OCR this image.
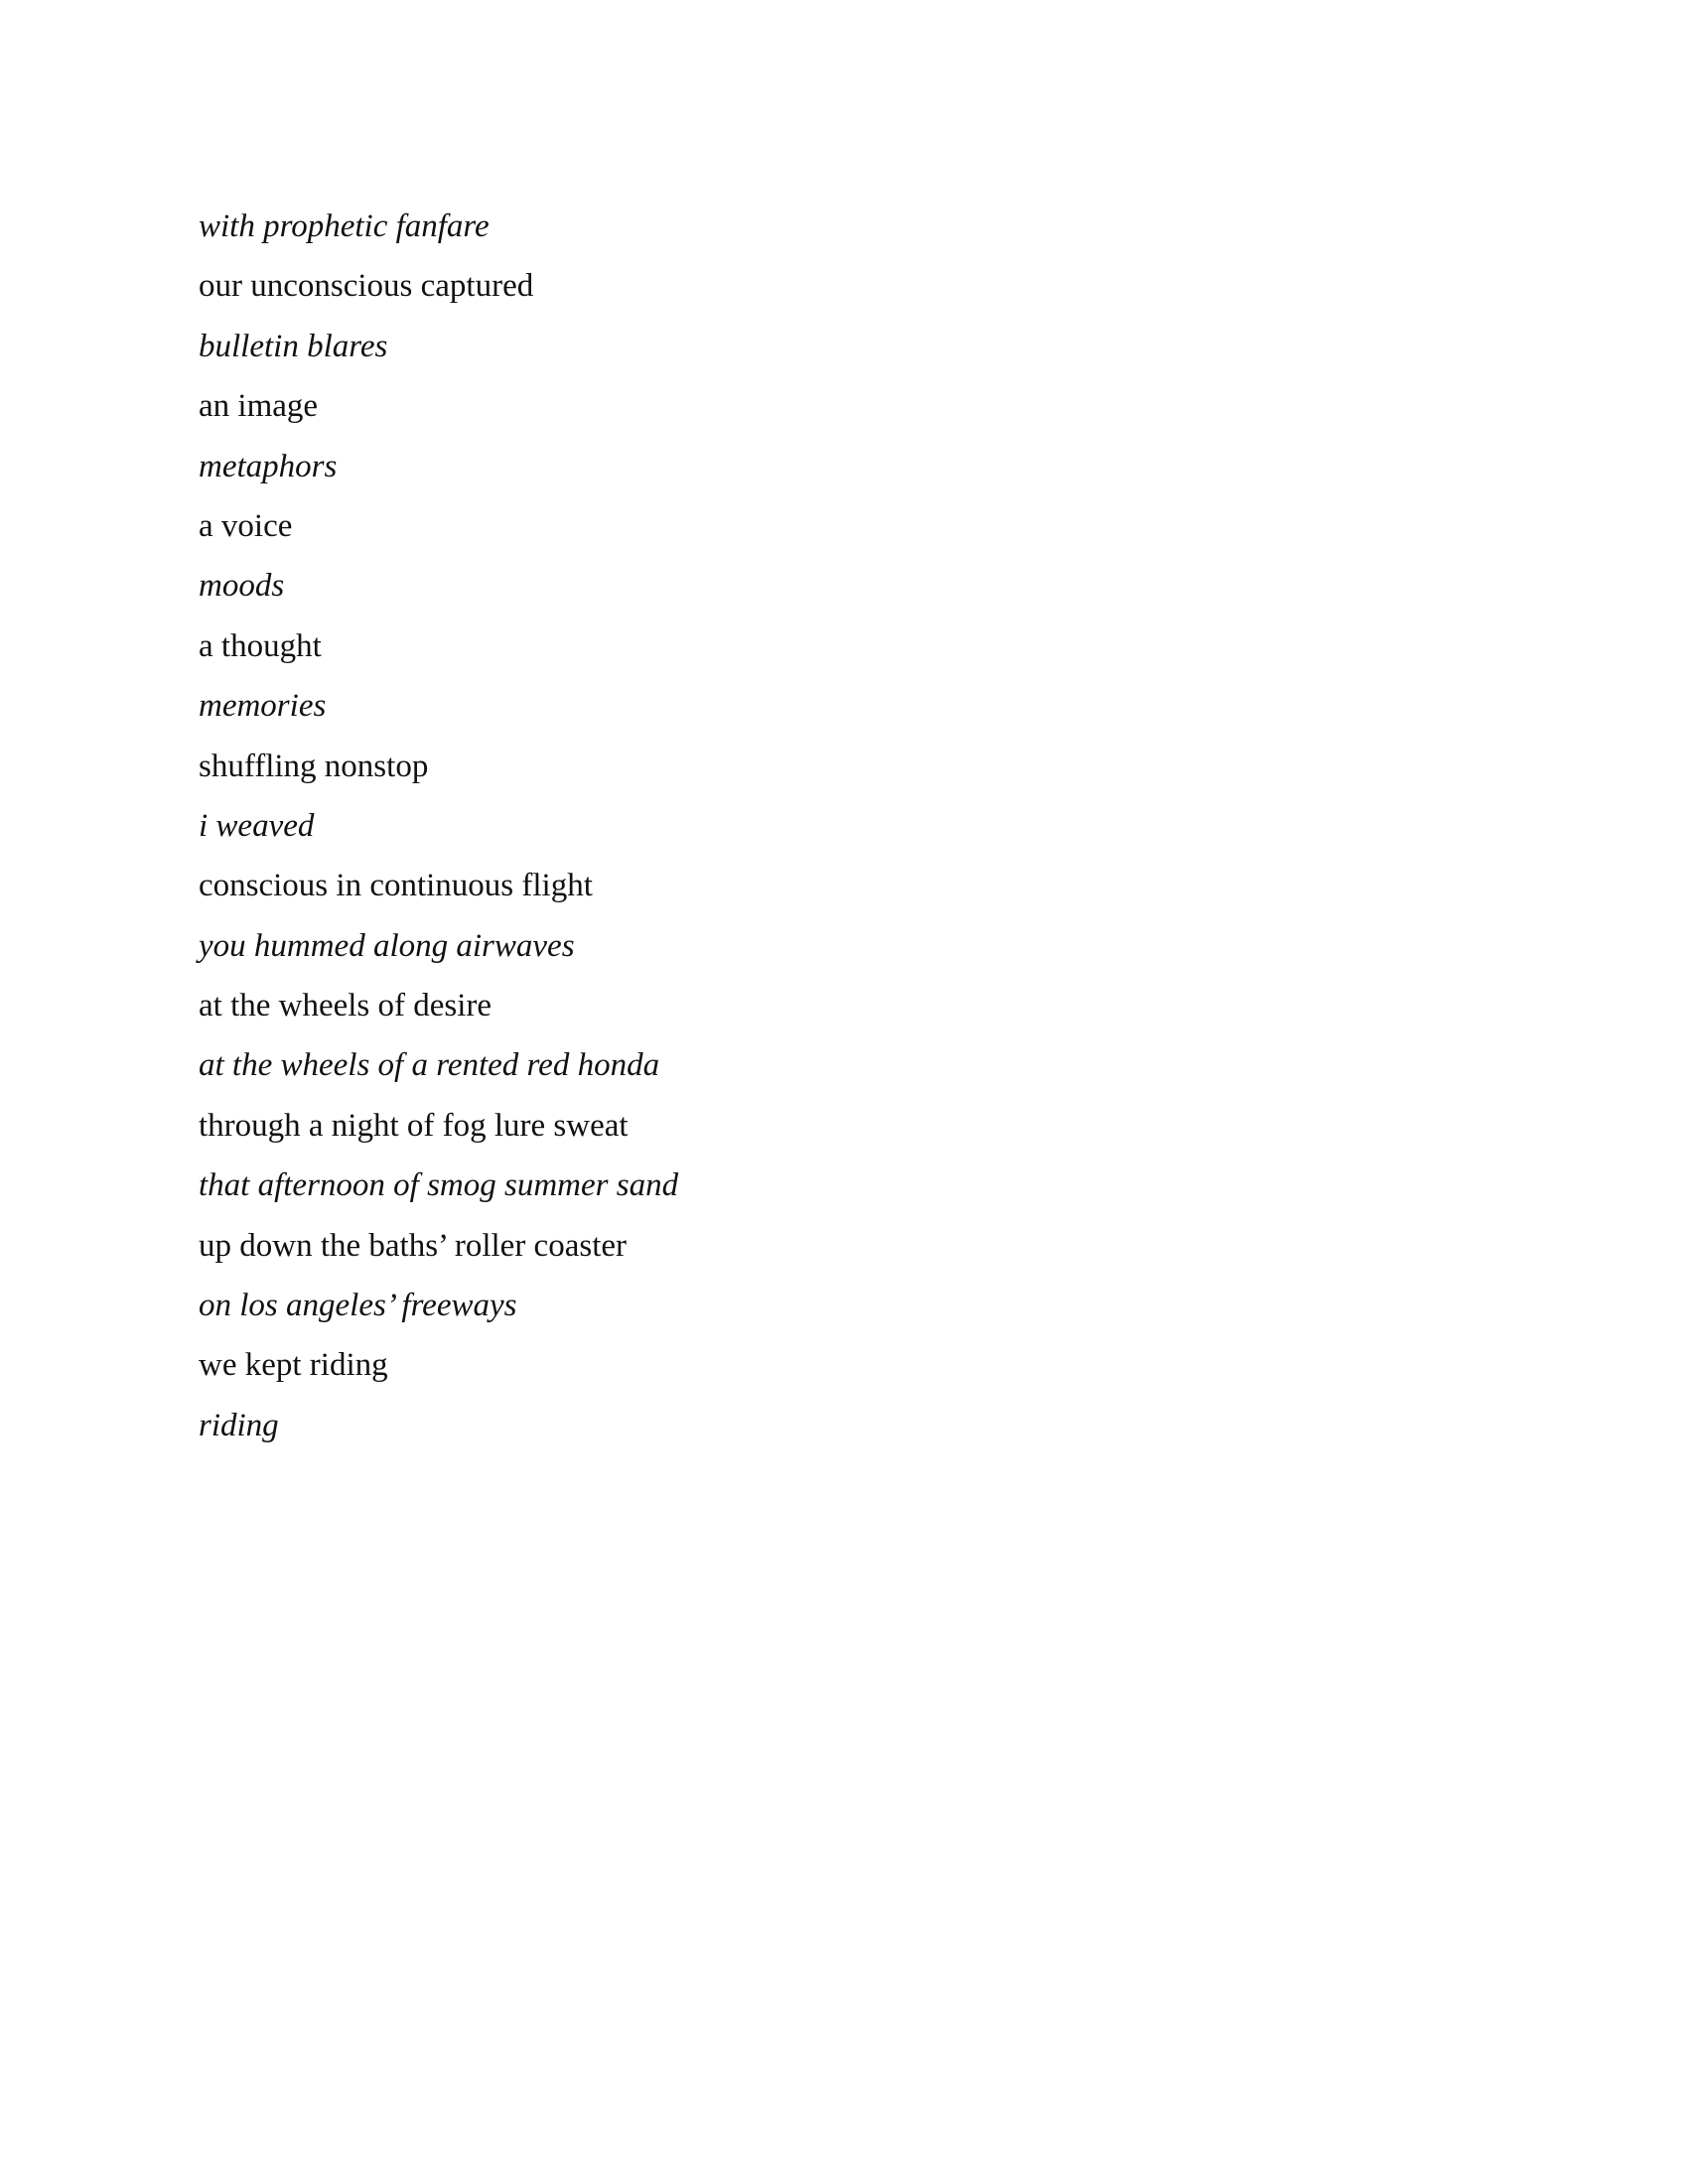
with prophetic fanfare
our unconscious captured
bulletin blares
an image
metaphors
a voice
moods
a thought
memories
shuffling nonstop
i weaved
conscious in continuous flight
you hummed along airwaves
at the wheels of desire
at the wheels of a rented red honda
through a night of fog lure sweat
that afternoon of smog summer sand
up down the baths’ roller coaster
on los angeles’ freeways
we kept riding
riding
